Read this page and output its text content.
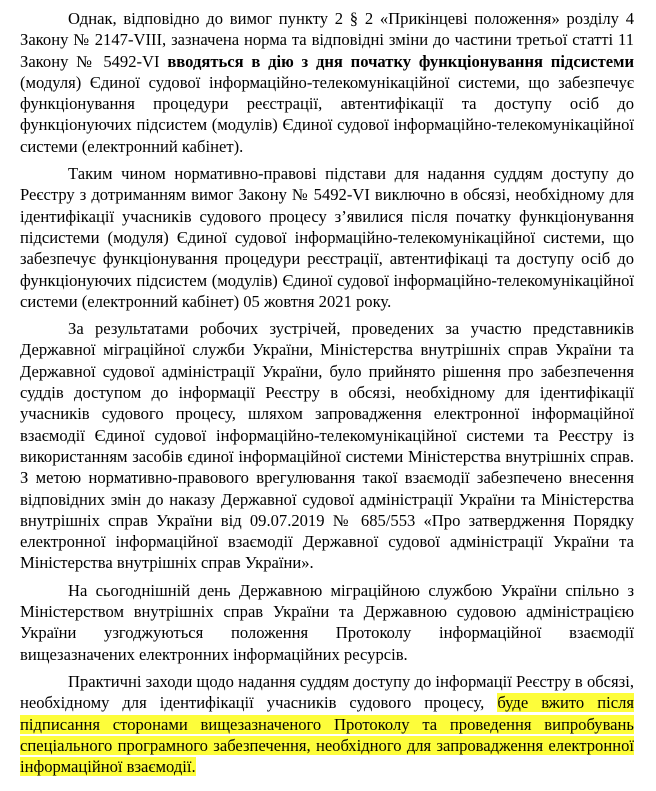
Однак, відповідно до вимог пункту 2 § 2 «Прикінцеві положення» розділу 4 Закону № 2147-VIII, зазначена норма та відповідні зміни до частини третьої статті 11 Закону № 5492-VI вводяться в дію з дня початку функціонування підсистеми (модуля) Єдиної судової інформаційно-телекомунікаційної системи, що забезпечує функціонування процедури реєстрації, автентифікації та доступу осіб до функціонуючих підсистем (модулів) Єдиної судової інформаційно-телекомунікаційної системи (електронний кабінет).

Таким чином нормативно-правові підстави для надання суддям доступу до Реєстру з дотриманням вимог Закону № 5492-VI виключно в обсязі, необхідному для ідентифікації учасників судового процесу з’явилися після початку функціонування підсистеми (модуля) Єдиної судової інформаційно-телекомунікаційної системи, що забезпечує функціонування процедури реєстрації, автентифікаці та доступу осіб до функціонуючих підсистем (модулів) Єдиної судової інформаційно-телекомунікаційної системи (електронний кабінет) 05 жовтня 2021 року.

За результатами робочих зустрічей, проведених за участю представників Державної міграційної служби України, Міністерства внутрішніх справ України та Державної судової адміністрації України, було прийнято рішення про забезпечення суддів доступом до інформації Реєстру в обсязі, необхідному для ідентифікації учасників судового процесу, шляхом запровадження електронної інформаційної взаємодії Єдиної судової інформаційно-телекомунікаційної системи та Реєстру із використанням засобів єдиної інформаційної системи Міністерства внутрішніх справ. З метою нормативно-правового врегулювання такої взаємодії забезпечено внесення відповідних змін до наказу Державної судової адміністрації України та Міністерства внутрішніх справ України від 09.07.2019 № 685/553 «Про затвердження Порядку електронної інформаційної взаємодії Державної судової адміністрації України та Міністерства внутрішніх справ України».

На сьогоднішній день Державною міграційною службою України спільно з Міністерством внутрішніх справ України та Державною судовою адміністрацією України узгоджуються положення Протоколу інформаційної взаємодії вищезазначених електронних інформаційних ресурсів.

Практичні заходи щодо надання суддям доступу до інформації Реєстру в обсязі, необхідному для ідентифікації учасників судового процесу, буде вжито після підписання сторонами вищезазначеного Протоколу та проведення випробувань спеціального програмного забезпечення, необхідного для запровадження електронної інформаційної взаємодії.
